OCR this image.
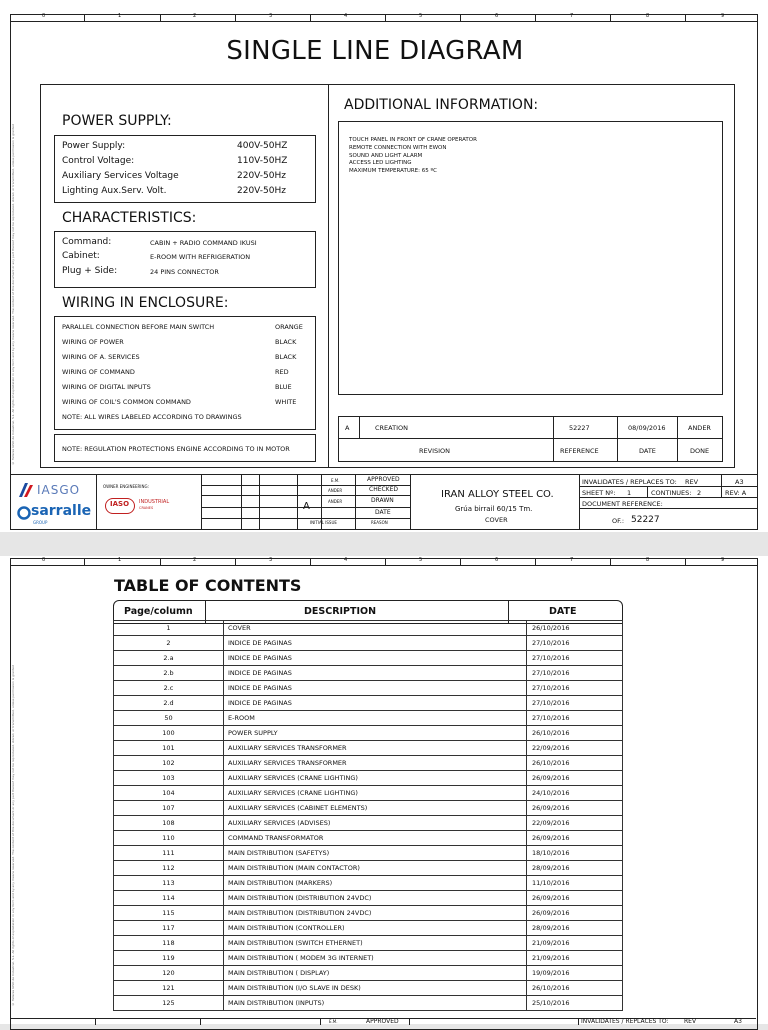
0	1	2	3	4	5	6	7	8	9
© Talleres IASO de Industrial, S.L. All rights of exploitation in any form and by any means reserved. The content of this document or any part thereof may not be reproduced, stored, or transmitted, unless permission is granted
SINGLE LINE DIAGRAM
POWER SUPPLY:
Power Supply:	400V-50HZ
Control Voltage:	110V-50HZ
Auxiliary Services Voltage	220V-50Hz
Lighting Aux.Serv. Volt.	220V-50Hz
CHARACTERISTICS:
Command:	CABIN + RADIO COMMAND IKUSI
Cabinet:	E-ROOM WITH REFRIGERATION
Plug + Side:	24 PINS CONNECTOR
WIRING IN ENCLOSURE:
PARALLEL CONNECTION BEFORE MAIN SWITCH	ORANGE
WIRING OF POWER	BLACK
WIRING OF A. SERVICES	BLACK
WIRING OF COMMAND	RED
WIRING OF DIGITAL INPUTS	BLUE
WIRING OF COIL'S COMMON COMMAND	WHITE
NOTE: ALL WIRES LABELED ACCORDING TO DRAWINGS
NOTE: REGULATION PROTECTIONS ENGINE ACCORDING TO IN MOTOR
ADDITIONAL INFORMATION:
TOUCH PANEL IN FRONT OF CRANE OPERATOR
REMOTE CONNECTION WITH EWON
SOUND AND LIGHT ALARM
ACCESS LED LIGHTING
MAXIMUM TEMPERATURE: 65 ºC
A	CREATION	52227	08/09/2016	ANDER
REVISION	REFERENCE	DATE	DONE
IASGO
sarralle
GROUP
OWNER ENGINEERING:
IASO INDUSTRIAL
CRANES	A
INITIAL ISSUE	REASON
E.M.	APPROVED
ANDER	CHECKED
ANDER	DRAWN
DATE
IRAN ALLOY STEEL CO.
Grúa birrail 60/15 Tm.
COVER
INVALIDATES / REPLACES TO: REV	A3
SHEET Nº: 1	CONTINUES: 2	REV: A
DOCUMENT REFERENCE:
OF.: 52227
0	1	2	3	4	5	6	7	8	9
© Talleres IASO de Industrial, S.L. All rights of exploitation in any form and by any means reserved. The content of this document or any part thereof may not be reproduced, stored, or transmitted, unless permission is granted
TABLE OF CONTENTS
Page/column	DESCRIPTION	DATE
1	COVER	26/10/2016
2	INDICE DE PAGINAS	27/10/2016
2.a	INDICE DE PAGINAS	27/10/2016
2.b	INDICE DE PAGINAS	27/10/2016
2.c	INDICE DE PAGINAS	27/10/2016
2.d	INDICE DE PAGINAS	27/10/2016
50	E-ROOM	27/10/2016
100	POWER SUPPLY	26/10/2016
101	AUXILIARY SERVICES TRANSFORMER	22/09/2016
102	AUXILIARY SERVICES TRANSFORMER	26/10/2016
103	AUXILIARY SERVICES (CRANE LIGHTING)	26/09/2016
104	AUXILIARY SERVICES (CRANE LIGHTING)	24/10/2016
107	AUXILIARY SERVICES (CABINET ELEMENTS)	26/09/2016
108	AUXILIARY SERVICES (ADVISES)	22/09/2016
110	COMMAND TRANSFORMATOR	26/09/2016
111	MAIN DISTRIBUTION (SAFETYS)	18/10/2016
112	MAIN DISTRIBUTION (MAIN CONTACTOR)	28/09/2016
113	MAIN DISTRIBUTION (MARKERS)	11/10/2016
114	MAIN DISTRIBUTION (DISTRIBUTION 24VDC)	26/09/2016
115	MAIN DISTRIBUTION (DISTRIBUTION 24VDC)	26/09/2016
117	MAIN DISTRIBUTION (CONTROLLER)	28/09/2016
118	MAIN DISTRIBUTION (SWITCH ETHERNET)	21/09/2016
119	MAIN DISTRIBUTION ( MODEM 3G INTERNET)	21/09/2016
120	MAIN DISTRIBUTION ( DISPLAY)	19/09/2016
121	MAIN DISTRIBUTION (I/O SLAVE IN DESK)	26/10/2016
125	MAIN DISTRIBUTION (INPUTS)	25/10/2016
E.M.	APPROVED	INVALIDATES / REPLACES TO:	REV	A3
